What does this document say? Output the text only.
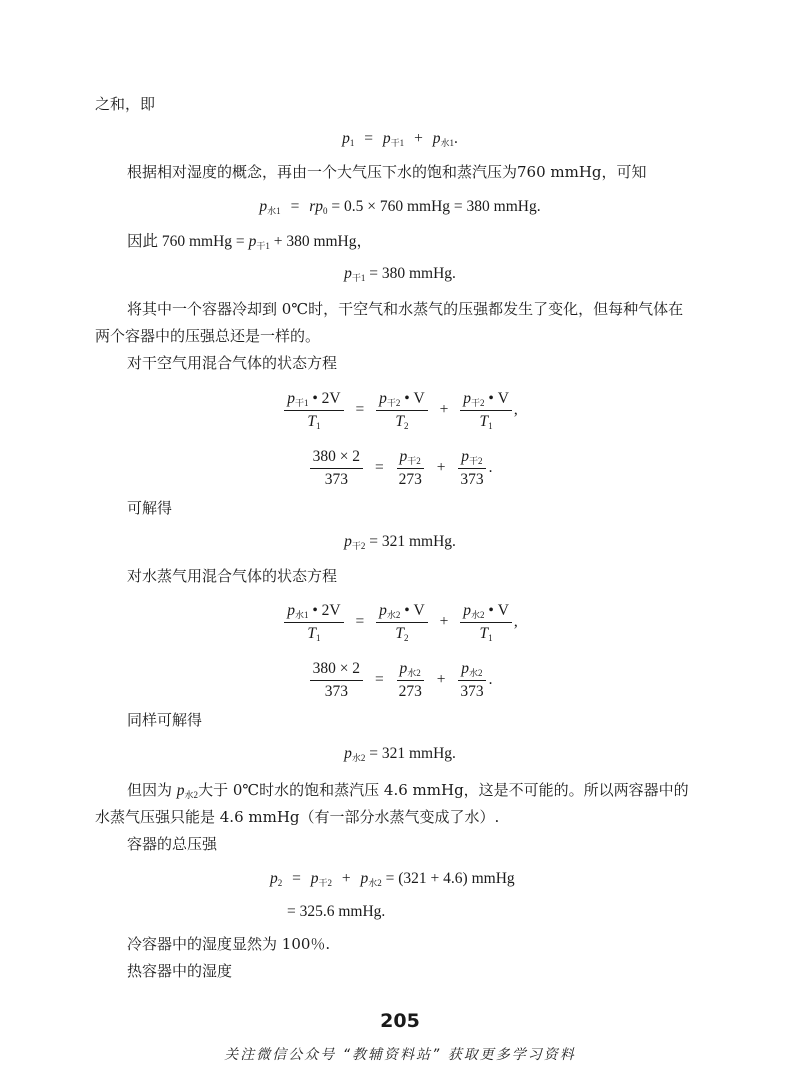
之和，即
$p_1 = p_{干1} + p_{水1}$.
根据相对湿度的概念，再由一个大气压下水的饱和蒸汽压为760 mmHg，可知
$p_{水1} = rp_0 = 0.5 \times 760$ mmHg = 380 mmHg.
因此 760 mmHg = $p_{干1} + 380$ mmHg，
$p_{干1} = 380$ mmHg.
将其中一个容器冷却到 0℃时，干空气和水蒸气的压强都发生了变化，但每种气体在
两个容器中的压强总还是一样的。
对干空气用混合气体的状态方程
$\frac{p_{干1} • 2V}{T_1} = \frac{p_{干2} • V}{T_2} + \frac{p_{干2} • V}{T_1}$ ,
$\frac{380 \times 2}{373} = \frac{p_{干2}}{273} + \frac{p_{干2}}{373}$ .
可解得
$p_{干2} = 321$ mmHg.
对水蒸气用混合气体的状态方程
$\frac{p_{水1} • 2V}{T_1} = \frac{p_{水2} • V}{T_2} + \frac{p_{水2} • V}{T_1}$ ,
$\frac{380 \times 2}{373} = \frac{p_{水2}}{273} + \frac{p_{水2}}{373}$ .
同样可解得
$p_{水2} = 321$ mmHg.
但因为 $p_{水2}$大于 0℃时水的饱和蒸汽压 4.6 mmHg，这是不可能的。所以两容器中的
水蒸气压强只能是 4.6 mmHg（有一部分水蒸气变成了水）.
容器的总压强
$p_2 = p_{干2} + p_{水2} = (321 + 4.6)$ mmHg
= 325.6 mmHg.
冷容器中的湿度显然为 100％.
热容器中的湿度
205
关注微信公众号 “教辅资料站” 获取更多学习资料
